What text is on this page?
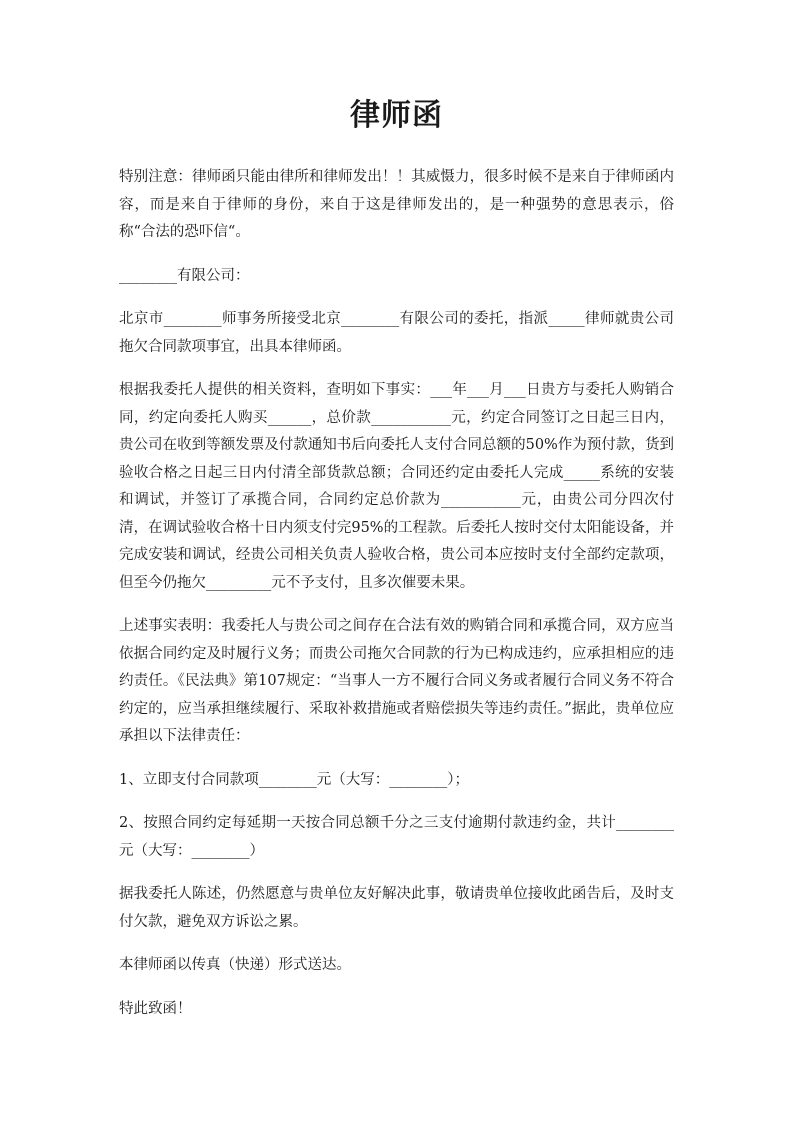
律师函

特别注意：律师函只能由律所和律师发出！！其威慑力，很多时候不是来自于律师函内容，而是来自于律师的身份，来自于这是律师发出的，是一种强势的意思表示，俗称“合法的恐吓信“。

________有限公司：

北京市________师事务所接受北京________有限公司的委托，指派_____律师就贵公司拖欠合同款项事宜，出具本律师函。

根据我委托人提供的相关资料，查明如下事实：___年___月___日贵方与委托人购销合同，约定向委托人购买______，总价款___________元，约定合同签订之日起三日内，贵公司在收到等额发票及付款通知书后向委托人支付合同总额的50%作为预付款，货到验收合格之日起三日内付清全部货款总额；合同还约定由委托人完成_____系统的安装和调试，并签订了承揽合同，合同约定总价款为___________元，由贵公司分四次付清，在调试验收合格十日内须支付完95%的工程款。后委托人按时交付太阳能设备，并完成安装和调试，经贵公司相关负责人验收合格，贵公司本应按时支付全部约定款项，但至今仍拖欠_________元不予支付，且多次催要未果。

上述事实表明：我委托人与贵公司之间存在合法有效的购销合同和承揽合同，双方应当依据合同约定及时履行义务；而贵公司拖欠合同款的行为已构成违约，应承担相应的违约责任。《民法典》第107规定：“当事人一方不履行合同义务或者履行合同义务不符合约定的，应当承担继续履行、采取补救措施或者赔偿损失等违约责任。”据此，贵单位应承担以下法律责任：

1、立即支付合同款项________元（大写：________）；

2、按照合同约定每延期一天按合同总额千分之三支付逾期付款违约金，共计________元（大写：________）

据我委托人陈述，仍然愿意与贵单位友好解决此事，敬请贵单位接收此函告后，及时支付欠款，避免双方诉讼之累。

本律师函以传真（快递）形式送达。

特此致函！
